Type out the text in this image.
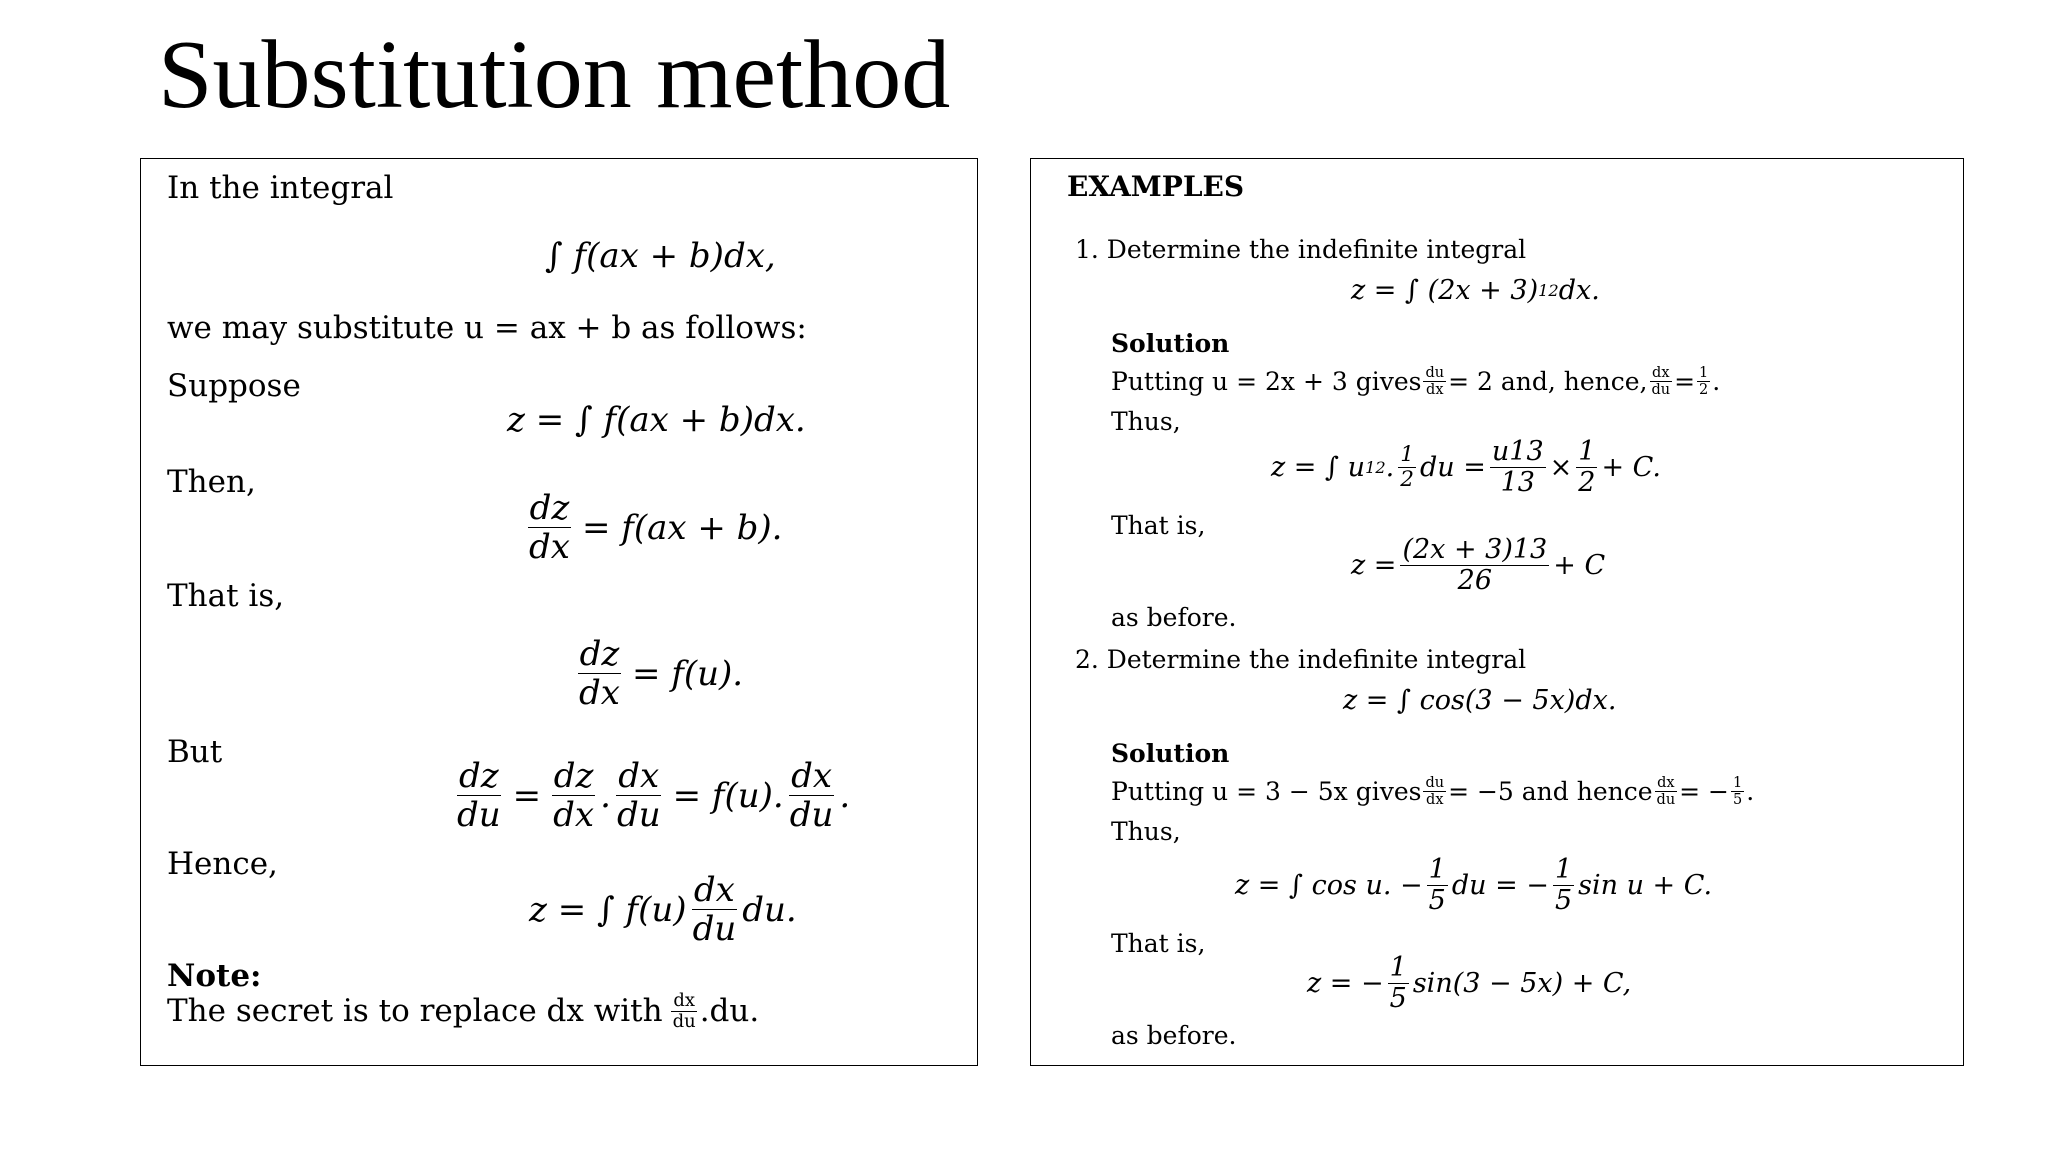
Substitution method
In the integral
∫ f(ax + b)dx,
we may substitute u = ax + b as follows:
Suppose
z = ∫ f(ax + b)dx.
Then,
$\frac{dz}{dx} = f(ax + b)$.
That is,
$\frac{dz}{dx} = f(u)$.
But
$\frac{dz}{du} = \frac{dz}{dx}$ . $\frac{dx}{du} = f(u)$. $\frac{dx}{du}$ .
Hence,
z = ∫ $f(u) \frac{dx}{du}$ du.
Note:
The secret is to replace dx with $\frac{dx}{du} .du$.
EXAMPLES
1. Determine the indefinite integral
z = ∫ (2x + 3) 12 dx.
Solution
Putting u = 2x + 3 gives $\frac{du}{dx} = 2$ and, hence, $\frac{dx}{du} = \frac{1}{2}$ .
Thus,
z = ∫ u 12 . $\frac{1}{2}$ du = $\frac{u13}{13} \times \frac{1}{2} + C$.
That is,
$z = \frac{(2x + 3)13}{26} + C$
as before.
2. Determine the indefinite integral
z = ∫ cos(3 − 5x)dx.
Solution
Putting u = 3 − 5x gives $\frac{du}{dx} = -5$ and hence $\frac{dx}{du}$ = − $\frac{1}{5}$ .
Thus,
z = ∫ cos u. − $\frac{1}{5}$ du = − $\frac{1}{5}$ sin u + C.
That is,
z = − $\frac{1}{5} \sin(3 - 5x) + C$,
as before.
